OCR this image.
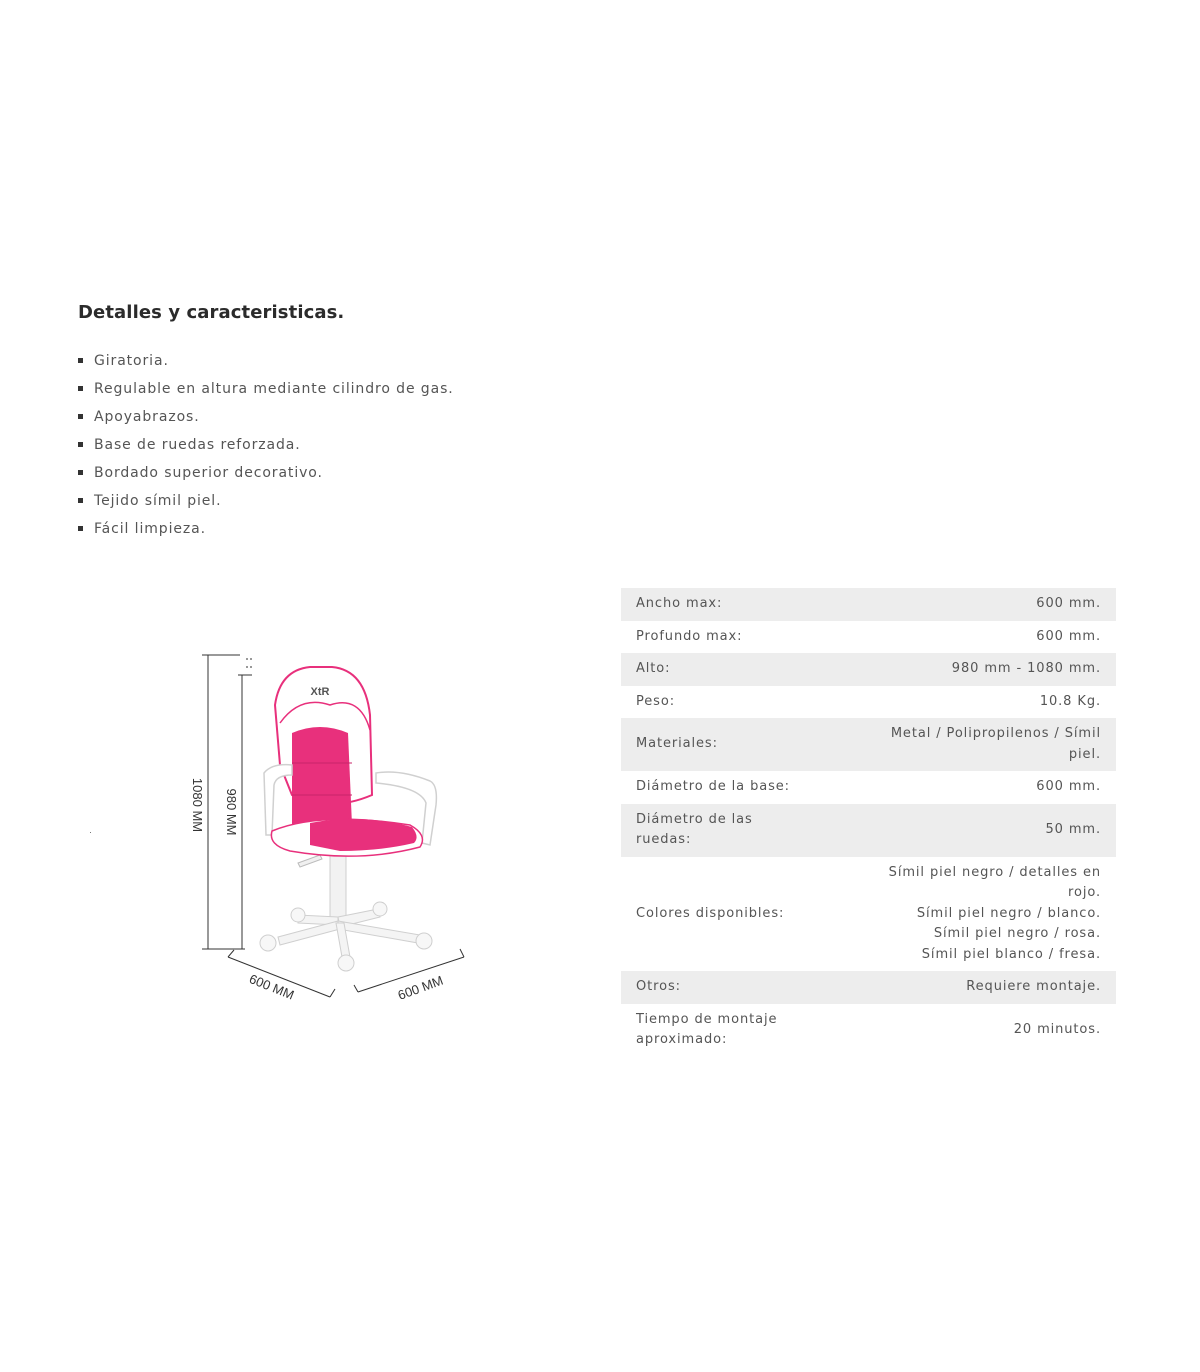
Detalles y caracteristicas.
Giratoria.
Regulable en altura mediante cilindro de gas.
Apoyabrazos.
Base de ruedas reforzada.
Bordado superior decorativo.
Tejido símil piel.
Fácil limpieza.
1080 MM 980 MM
600 MM	600 MM
XtR
Ancho max:	600 mm.

Profundo max:	600 mm.

Alto:	980 mm - 1080 mm.

Peso:	10.8 Kg.

Materiales:	Metal / Polipropilenos / Símil
piel.

Diámetro de la base:	600 mm.

Diámetro de las ruedas:	50 mm.

Colores disponibles:	Símil piel negro / detalles en
rojo.
Símil piel negro / blanco.
Símil piel negro / rosa.
Símil piel blanco / fresa.

Otros:	Requiere montaje.

Tiempo de montaje aproximado:	20 minutos.
